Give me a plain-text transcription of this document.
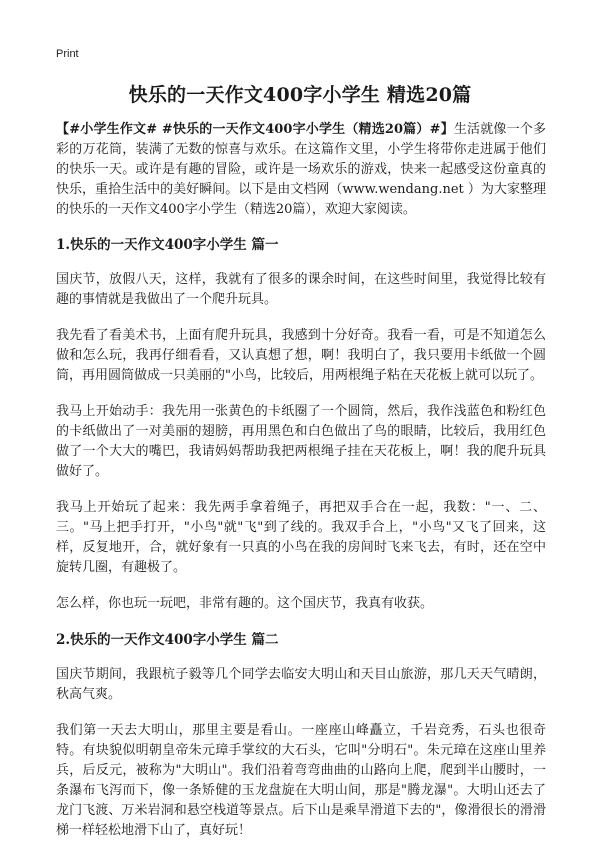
Print
快乐的一天作文400字小学生 精选20篇

【#小学生作文# #快乐的一天作文400字小学生（精选20篇）#】生活就像一个多彩的万花筒，装满了无数的惊喜与欢乐。在这篇作文里，小学生将带你走进属于他们的快乐一天。或许是有趣的冒险，或许是一场欢乐的游戏，快来一起感受这份童真的快乐，重拾生活中的美好瞬间。以下是由文档网（www.wendang.net ）为大家整理的快乐的一天作文400字小学生（精选20篇），欢迎大家阅读。

1.快乐的一天作文400字小学生 篇一

国庆节，放假八天，这样，我就有了很多的课余时间，在这些时间里，我觉得比较有趣的事情就是我做出了一个爬升玩具。

我先看了看美术书，上面有爬升玩具，我感到十分好奇。我看一看，可是不知道怎么做和怎么玩，我再仔细看看，又认真想了想，啊！我明白了，我只要用卡纸做一个圆筒，再用圆筒做成一只美丽的"小鸟，比较后，用两根绳子粘在天花板上就可以玩了。

我马上开始动手：我先用一张黄色的卡纸圈了一个圆筒，然后，我作浅蓝色和粉红色的卡纸做出了一对美丽的翅膀，再用黑色和白色做出了鸟的眼睛，比较后，我用红色做了一个大大的嘴巴，我请妈妈帮助我把两根绳子挂在天花板上，啊！我的爬升玩具做好了。

我马上开始玩了起来：我先两手拿着绳子，再把双手合在一起，我数："一、二、三。"马上把手打开，"小鸟"就"飞"到了线的。我双手合上，"小鸟"又飞了回来，这样，反复地开，合，就好象有一只真的小鸟在我的房间时飞来飞去，有时，还在空中旋转几圈，有趣极了。

怎么样，你也玩一玩吧，非常有趣的。这个国庆节，我真有收获。

2.快乐的一天作文400字小学生 篇二

国庆节期间，我跟杭子毅等几个同学去临安大明山和天目山旅游，那几天天气晴朗，秋高气爽。

我们第一天去大明山，那里主要是看山。一座座山峰矗立，千岩竞秀，石头也很奇特。有块貌似明朝皇帝朱元璋手掌纹的大石头，它叫"分明石"。朱元璋在这座山里养兵，后反元，被称为"大明山"。我们沿着弯弯曲曲的山路向上爬，爬到半山腰时，一条瀑布飞泻而下，像一条矫健的玉龙盘旋在大明山间，那是"腾龙瀑"。大明山还去了龙门飞渡、万米岩洞和悬空栈道等景点。后下山是乘旱滑道下去的"，像滑很长的滑滑梯一样轻松地滑下山了，真好玩！
